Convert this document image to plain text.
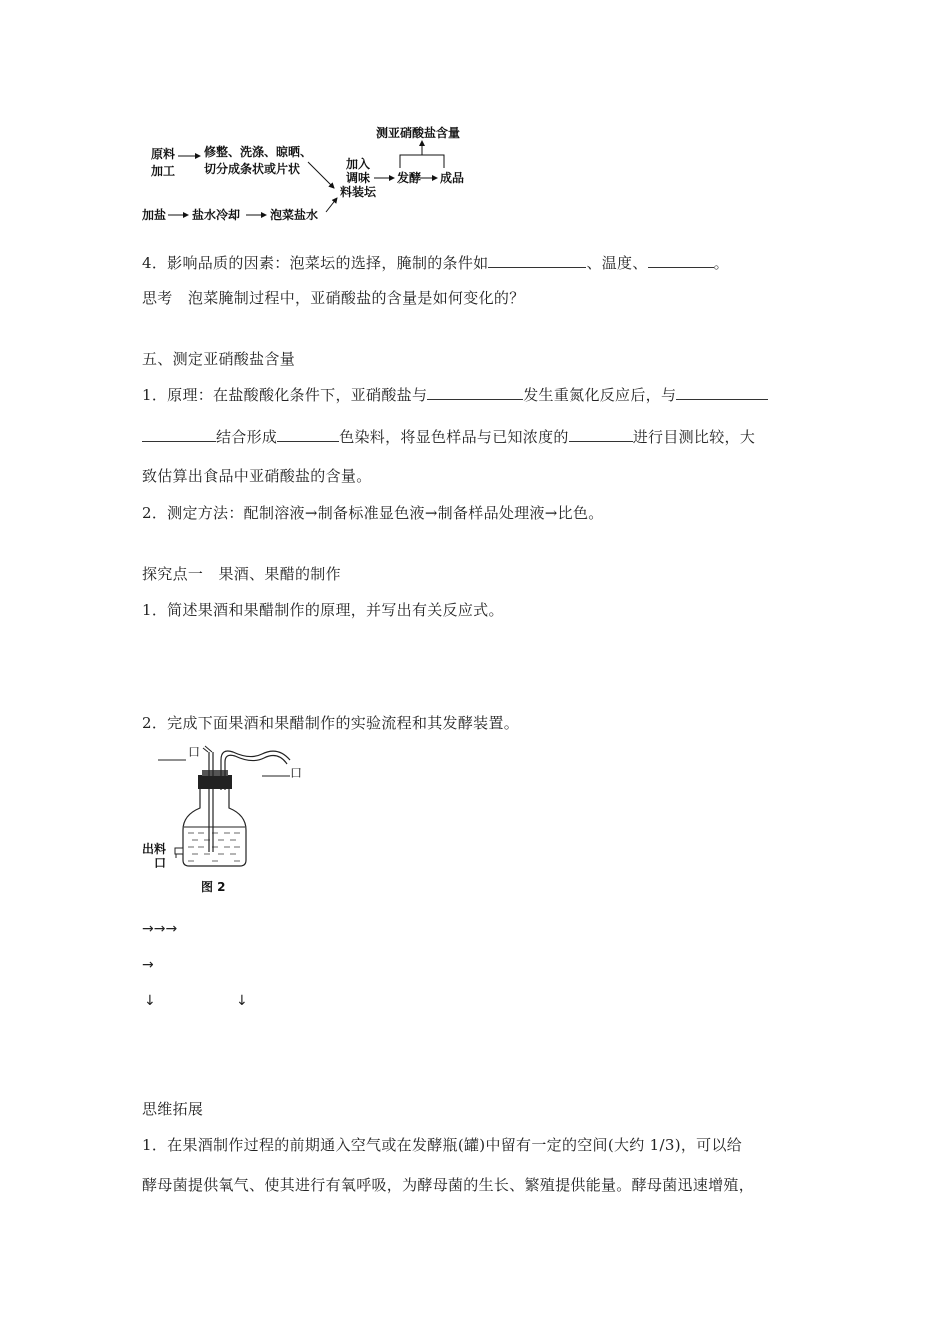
原料
加工
修整、洗涤、晾晒、
切分成条状或片状
测亚硝酸盐含量
加入
调味
料装坛
发酵 成品
加盐 盐水冷却 泡菜盐水
4．影响品质的因素：泡菜坛的选择，腌制的条件如	、温度、	。
思考　泡菜腌制过程中，亚硝酸盐的含量是如何变化的？
五、测定亚硝酸盐含量
1．原理：在盐酸酸化条件下，亚硝酸盐与	发生重氮化反应后，与
结合形成	色染料，将显色样品与已知浓度的	进行目测比较，大
致估算出食品中亚硝酸盐的含量。
2．测定方法：配制溶液→制备标准显色液→制备样品处理液→比色。
探究点一　果酒、果醋的制作
1．简述果酒和果醋制作的原理，并写出有关反应式。
2．完成下面果酒和果醋制作的实验流程和其发酵装置。
口
口
出料
口
图 2
→→→
→
↓	↓
思维拓展
1．在果酒制作过程的前期通入空气或在发酵瓶(罐)中留有一定的空间(大约 1/3)，可以给
酵母菌提供氧气、使其进行有氧呼吸，为酵母菌的生长、繁殖提供能量。酵母菌迅速增殖，
